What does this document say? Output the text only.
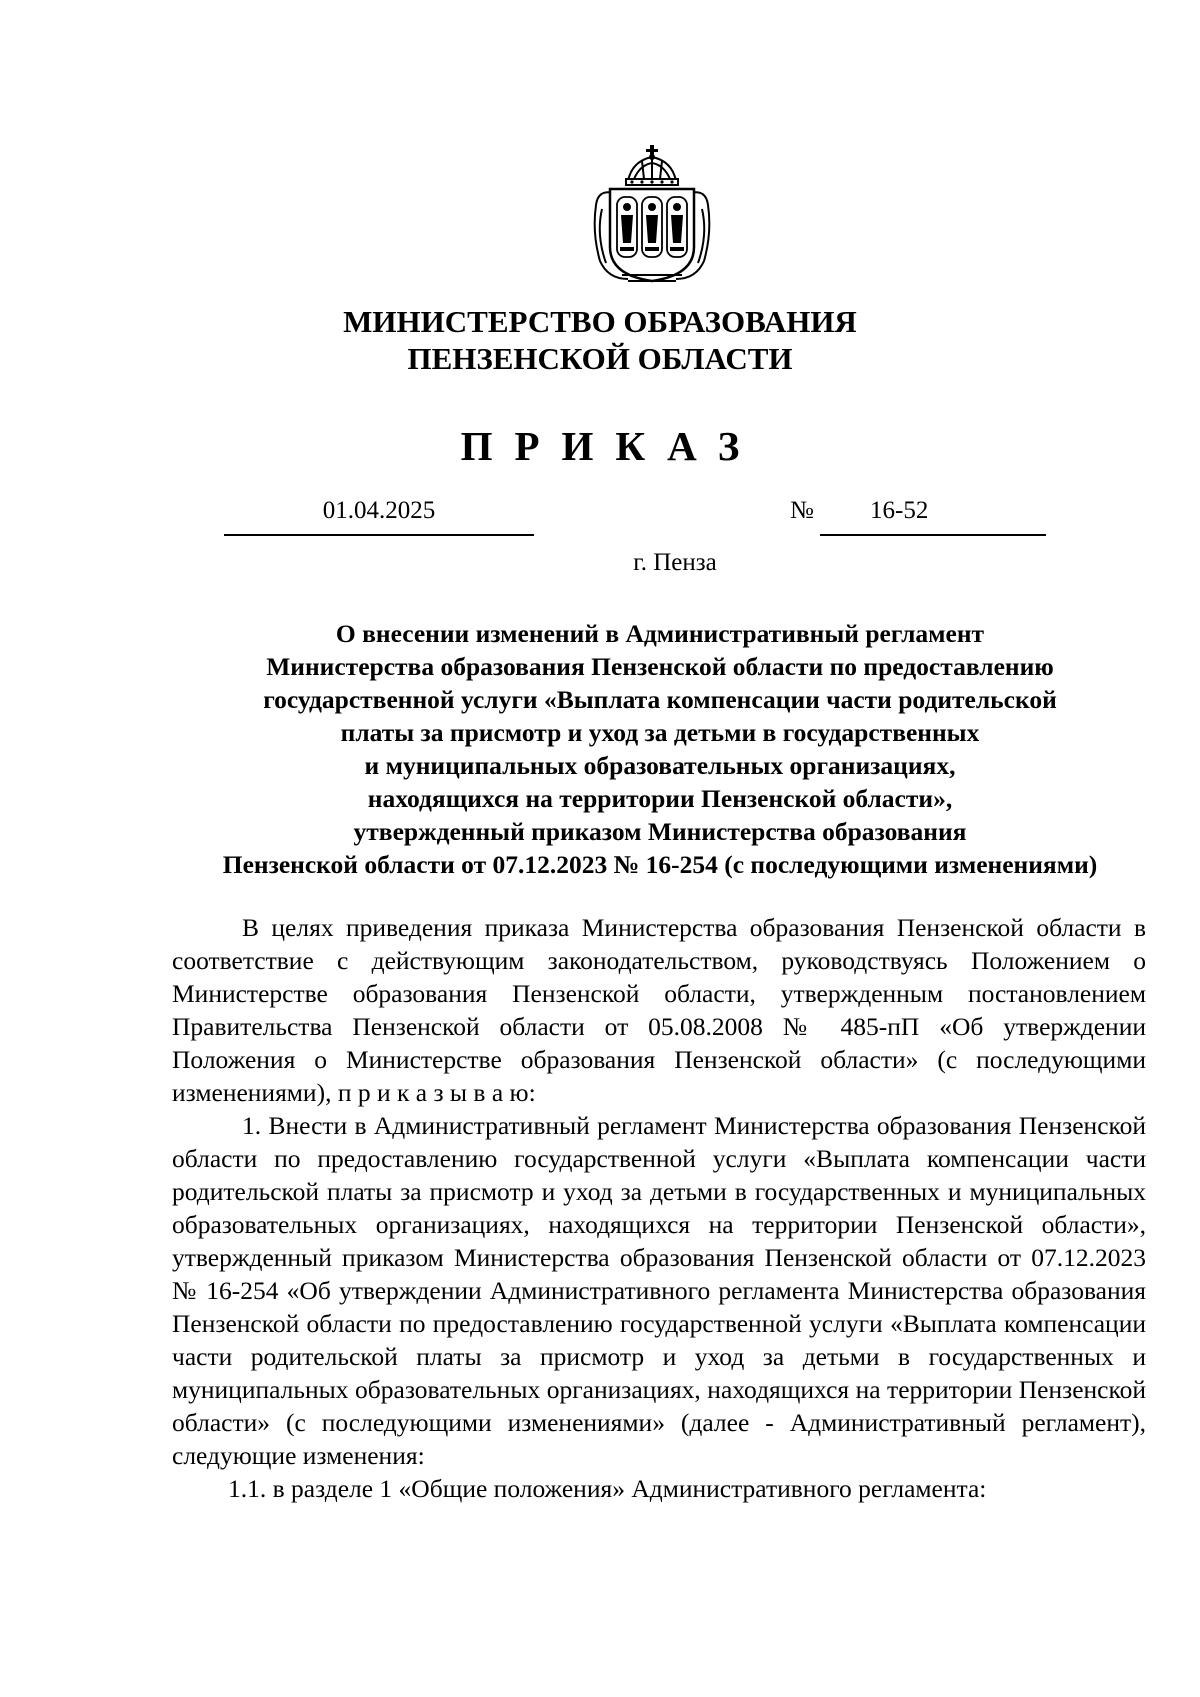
МИНИСТЕРСТВО ОБРАЗОВАНИЯ
ПЕНЗЕНСКОЙ ОБЛАСТИ
ПРИКАЗ
01.04.2025	№ 16-52
г. Пенза
О внесении изменений в Административный регламент
Министерства образования Пензенской области по предоставлению
государственной услуги «Выплата компенсации части родительской
платы за присмотр и уход за детьми в государственных
и муниципальных образовательных организациях,
находящихся на территории Пензенской области»,
утвержденный приказом Министерства образования
Пензенской области от 07.12.2023 № 16-254 (с последующими изменениями)

В целях приведения приказа Министерства образования Пензенской области в соответствие с действующим законодательством, руководствуясь Положением о Министерстве образования Пензенской области, утвержденным постановлением Правительства Пензенской области от 05.08.2008 № 485-пП «Об утверждении Положения о Министерстве образования Пензенской области» (с последующими изменениями), п р и к а з ы в а ю:

1. Внести в Административный регламент Министерства образования Пензенской области по предоставлению государственной услуги «Выплата компенсации части родительской платы за присмотр и уход за детьми в государственных и муниципальных образовательных организациях, находящихся на территории Пензенской области», утвержденный приказом Министерства образования Пензенской области от 07.12.2023 № 16-254 «Об утверждении Административного регламента Министерства образования Пензенской области по предоставлению государственной услуги «Выплата компенсации части родительской платы за присмотр и уход за детьми в государственных и муниципальных образовательных организациях, находящихся на территории Пензенской области» (с последующими изменениями» (далее - Административный регламент), следующие изменения:

1.1. в разделе 1 «Общие положения» Административного регламента:
